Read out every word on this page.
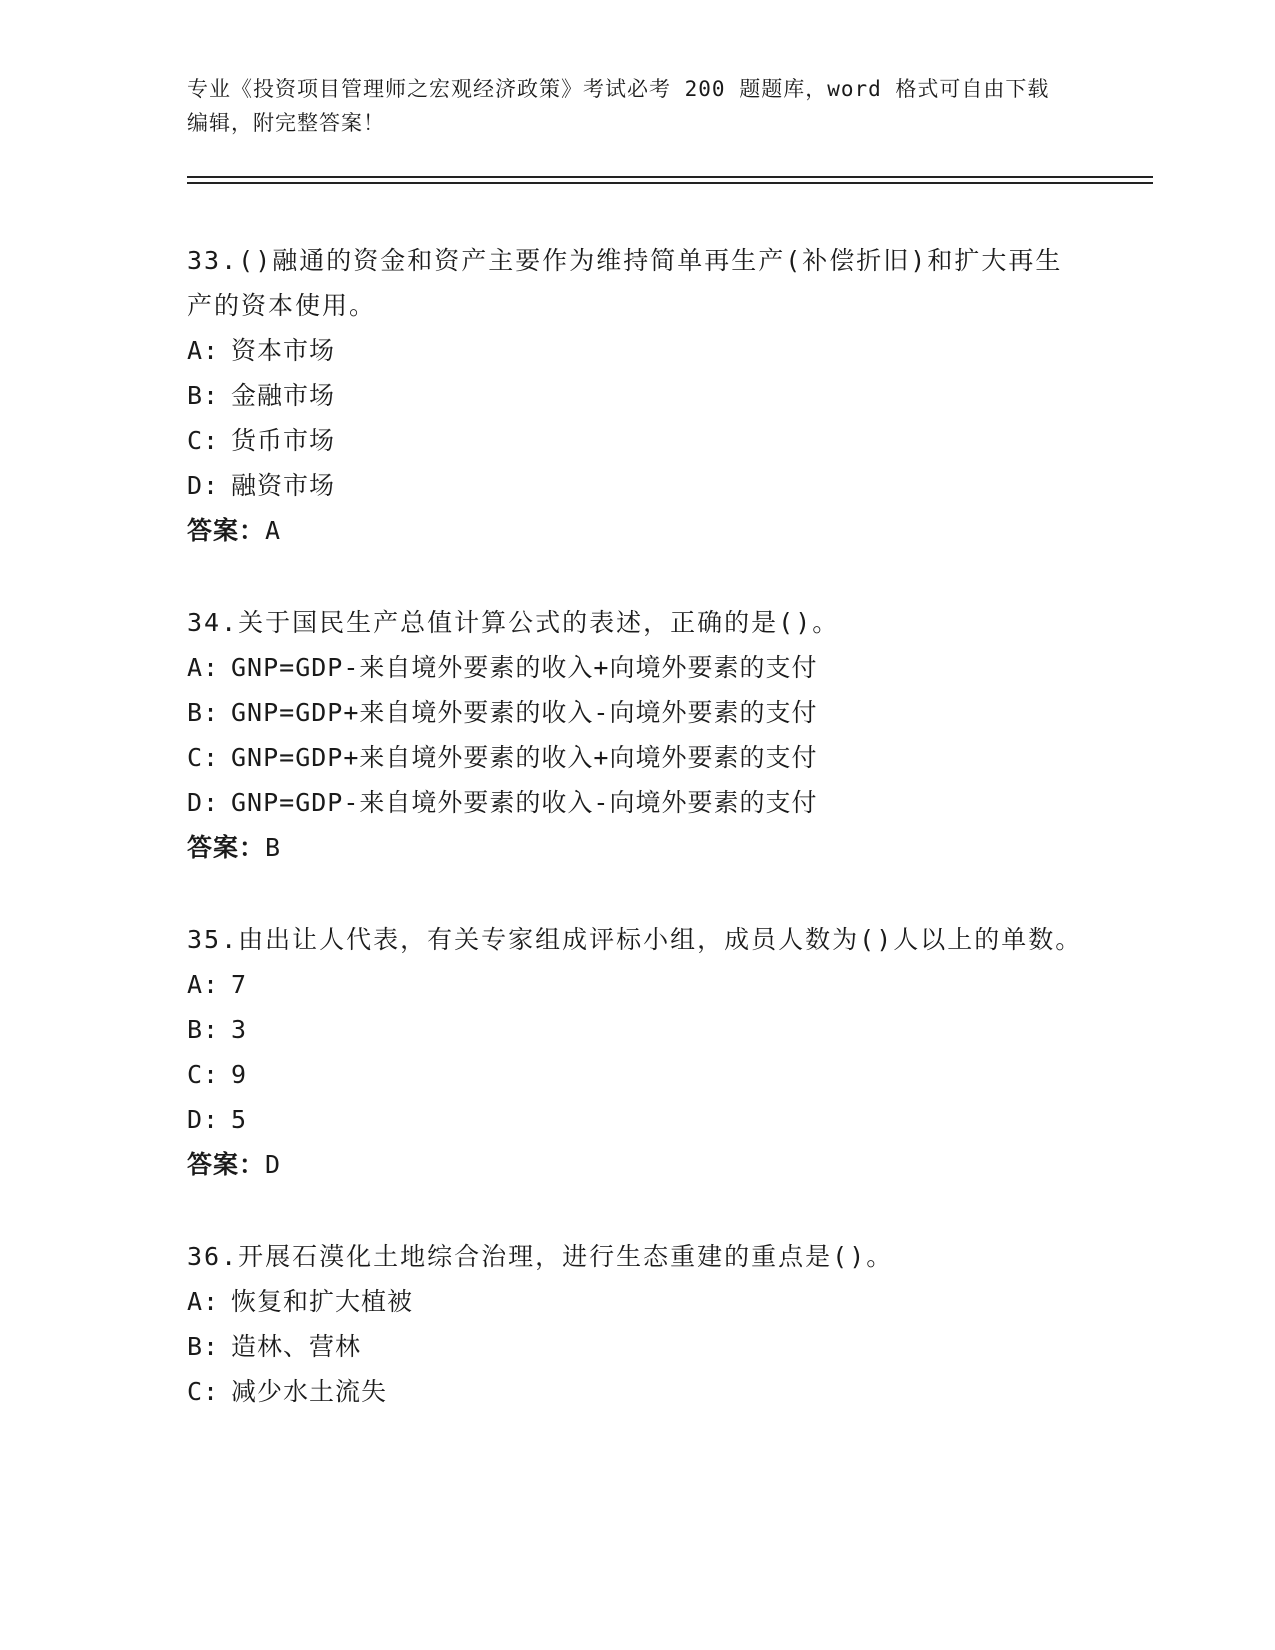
专业《投资项目管理师之宏观经济政策》考试必考 200 题题库，word 格式可自由下载编辑，附完整答案！

33.()融通的资金和资产主要作为维持简单再生产(补偿折旧)和扩大再生产的资本使用。

A: 资本市场
B: 金融市场
C: 货币市场
D: 融资市场
答案：A

34.关于国民生产总值计算公式的表述，正确的是()。

A: GNP=GDP-来自境外要素的收入+向境外要素的支付
B: GNP=GDP+来自境外要素的收入-向境外要素的支付
C: GNP=GDP+来自境外要素的收入+向境外要素的支付
D: GNP=GDP-来自境外要素的收入-向境外要素的支付
答案：B

35.由出让人代表，有关专家组成评标小组，成员人数为()人以上的单数。

A: 7
B: 3
C: 9
D: 5
答案：D

36.开展石漠化土地综合治理，进行生态重建的重点是()。

A: 恢复和扩大植被
B: 造林、营林
C: 减少水土流失
